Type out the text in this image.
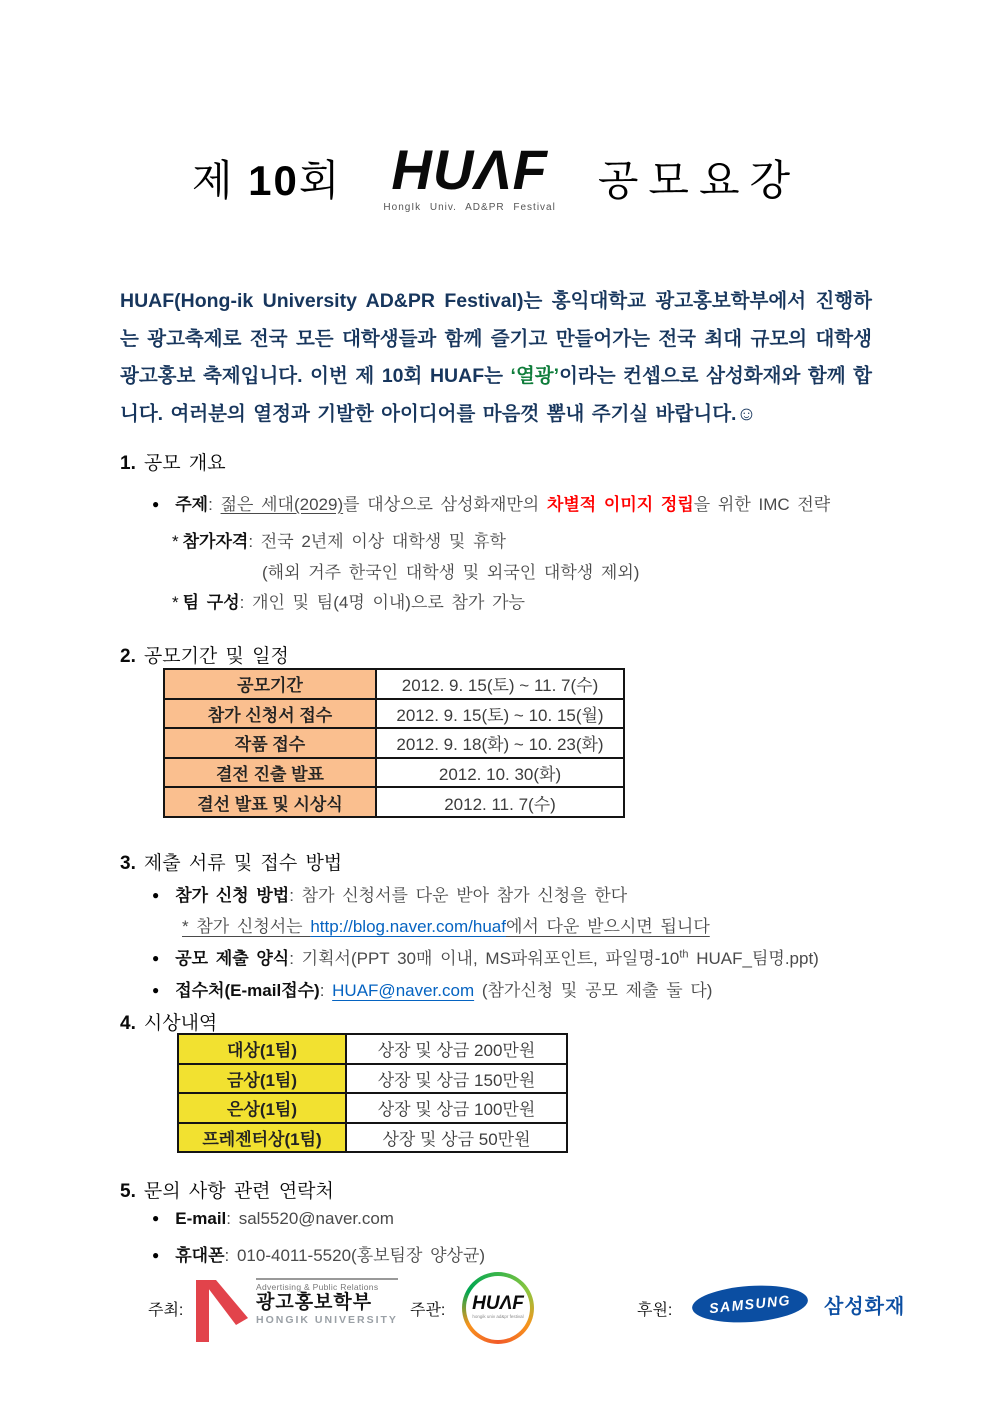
제 10회 HUΛF
HongIk Univ. AD&PR Festival
공모요강
HUAF(Hong-ik University AD&PR Festival)는 홍익대학교 광고홍보학부에서 진행하는 광고축제로 전국 모든 대학생들과 함께 즐기고 만들어가는 전국 최대 규모의 대학생 광고홍보 축제입니다. 이번 제 10회 HUAF는 ‘열광’이라는 컨셉으로 삼성화재와 함께 합니다. 여러분의 열정과 기발한 아이디어를 마음껏 뽐내 주기실 바랍니다.☺
1. 공모 개요
● 주제: 젊은 세대(2029)를 대상으로 삼성화재만의 차별적 이미지 정립을 위한 IMC 전략
* 참가자격: 전국 2년제 이상 대학생 및 휴학
(해외 거주 한국인 대학생 및 외국인 대학생 제외)
* 팀 구성: 개인 및 팀(4명 이내)으로 참가 가능
2. 공모기간 및 일정
공모기간	2012. 9. 15(토) ~ 11. 7(수)
참가 신청서 접수	2012. 9. 15(토) ~ 10. 15(월)
작품 접수	2012. 9. 18(화) ~ 10. 23(화)
결전 진출 발표	2012. 10. 30(화)
결선 발표 및 시상식	2012. 11. 7(수)
3. 제출 서류 및 접수 방법
● 참가 신청 방법: 참가 신청서를 다운 받아 참가 신청을 한다
* 참가 신청서는 http://blog.naver.com/huaf에서 다운 받으시면 됩니다
● 공모 제출 양식: 기획서(PPT 30매 이내, MS파워포인트, 파일명-10th HUAF_팀명.ppt)
● 접수처(E-mail접수): HUAF@naver.com (참가신청 및 공모 제출 둘 다)
4. 시상내역
대상(1팀)	상장 및 상금 200만원
금상(1팀)	상장 및 상금 150만원
은상(1팀)	상장 및 상금 100만원
프레젠터상(1팀)	상장 및 상금 50만원
5. 문의 사항 관련 연락처
● E-mail: sal5520@naver.com
● 휴대폰: 010-4011-5520(홍보팀장 양상균)
주최:
Advertising & Public Relations
광고홍보학부
HONGIK UNIVERSITY
주관:	HUΛF
hongik univ ad&pr festival	후원:	SAMSUNG 삼성화재
